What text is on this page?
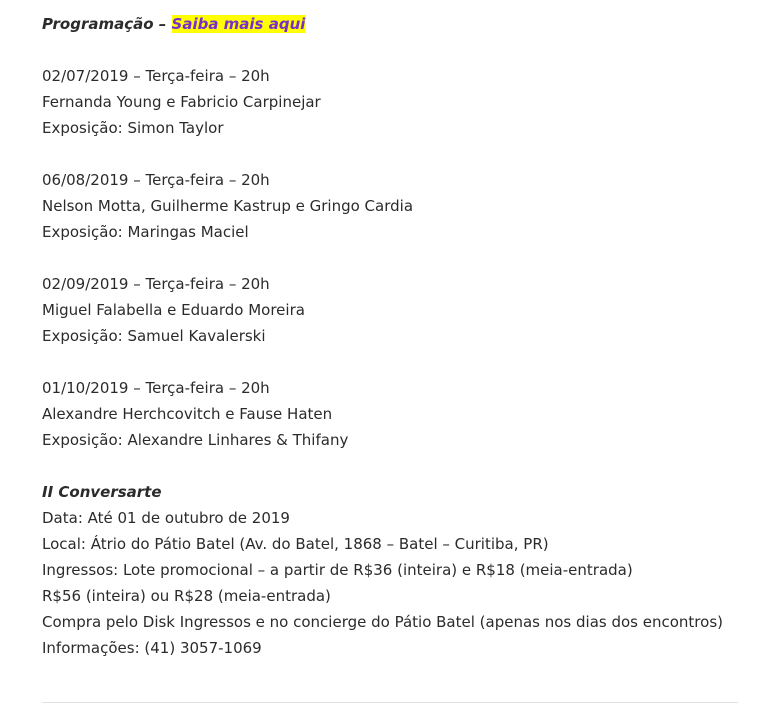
Programação – Saiba mais aqui
02/07/2019 – Terça-feira – 20h
Fernanda Young e Fabricio Carpinejar
Exposição: Simon Taylor
06/08/2019 – Terça-feira – 20h
Nelson Motta, Guilherme Kastrup e Gringo Cardia
Exposição: Maringas Maciel
02/09/2019 – Terça-feira – 20h
Miguel Falabella e Eduardo Moreira
Exposição: Samuel Kavalerski
01/10/2019 – Terça-feira – 20h
Alexandre Herchcovitch e Fause Haten
Exposição: Alexandre Linhares & Thifany
II Conversarte
Data: Até 01 de outubro de 2019
Local: Átrio do Pátio Batel (Av. do Batel, 1868 – Batel – Curitiba, PR)
Ingressos: Lote promocional – a partir de R$36 (inteira) e R$18 (meia-entrada)
R$56 (inteira) ou R$28 (meia-entrada)
Compra pelo Disk Ingressos e no concierge do Pátio Batel (apenas nos dias dos encontros)
Informações: (41) 3057-1069
